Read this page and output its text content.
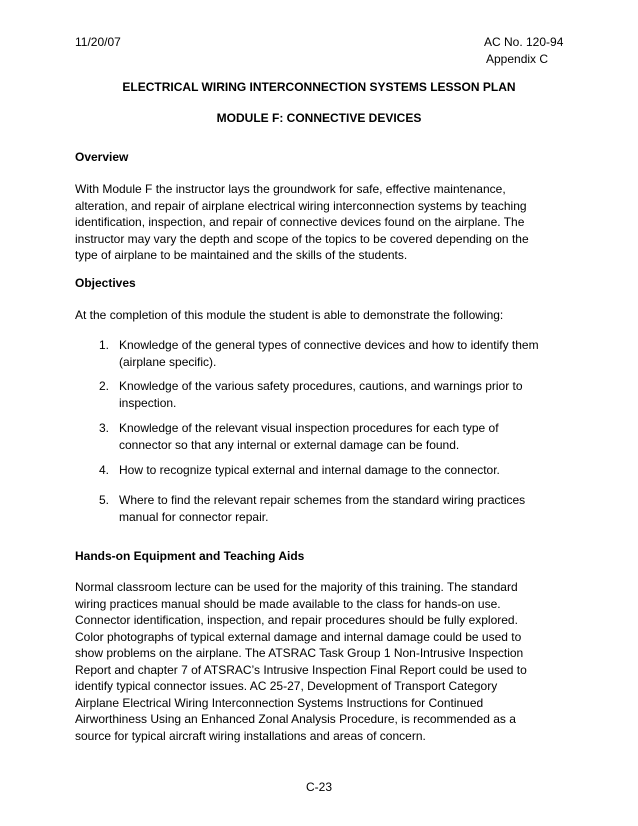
11/20/07	AC No. 120-94
Appendix C
ELECTRICAL WIRING INTERCONNECTION SYSTEMS LESSON PLAN
MODULE F: CONNECTIVE DEVICES
Overview
With Module F the instructor lays the groundwork for safe, effective maintenance,
alteration, and repair of airplane electrical wiring interconnection systems by teaching
identification, inspection, and repair of connective devices found on the airplane. The
instructor may vary the depth and scope of the topics to be covered depending on the
type of airplane to be maintained and the skills of the students.
Objectives
At the completion of this module the student is able to demonstrate the following:
1. Knowledge of the general types of connective devices and how to identify them
(airplane specific).
2. Knowledge of the various safety procedures, cautions, and warnings prior to
inspection.
3. Knowledge of the relevant visual inspection procedures for each type of
connector so that any internal or external damage can be found.
4. How to recognize typical external and internal damage to the connector.
5. Where to find the relevant repair schemes from the standard wiring practices
manual for connector repair.
Hands-on Equipment and Teaching Aids
Normal classroom lecture can be used for the majority of this training. The standard
wiring practices manual should be made available to the class for hands-on use.
Connector identification, inspection, and repair procedures should be fully explored.
Color photographs of typical external damage and internal damage could be used to
show problems on the airplane. The ATSRAC Task Group 1 Non-Intrusive Inspection
Report and chapter 7 of ATSRAC’s Intrusive Inspection Final Report could be used to
identify typical connector issues. AC 25-27, Development of Transport Category
Airplane Electrical Wiring Interconnection Systems Instructions for Continued
Airworthiness Using an Enhanced Zonal Analysis Procedure, is recommended as a
source for typical aircraft wiring installations and areas of concern.
C-23
